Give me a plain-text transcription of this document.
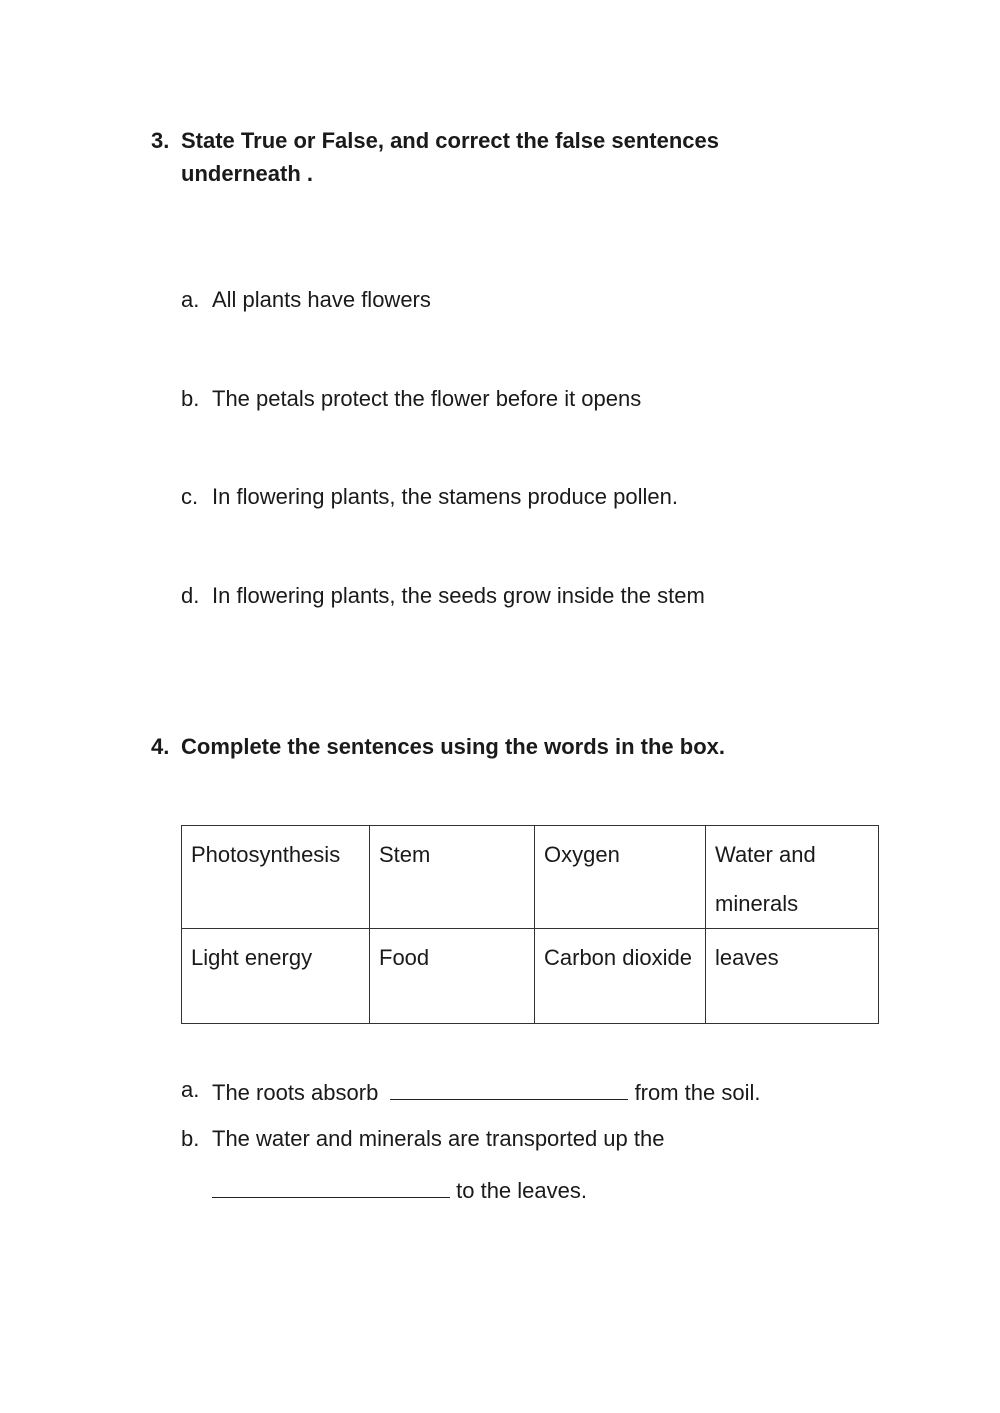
3. State True or False, and correct the false sentences
underneath .
a. All plants have flowers
b. The petals protect the flower before it opens
c. In flowering plants, the stamens produce pollen.
d. In flowering plants, the seeds grow inside the stem
4. Complete the sentences using the words in the box.
Photosynthesis	Stem	Oxygen	Water and minerals
Light energy	Food	Carbon dioxide	leaves
a. The roots absorb	from the soil.
b. The water and minerals are transported up the
to the leaves.
